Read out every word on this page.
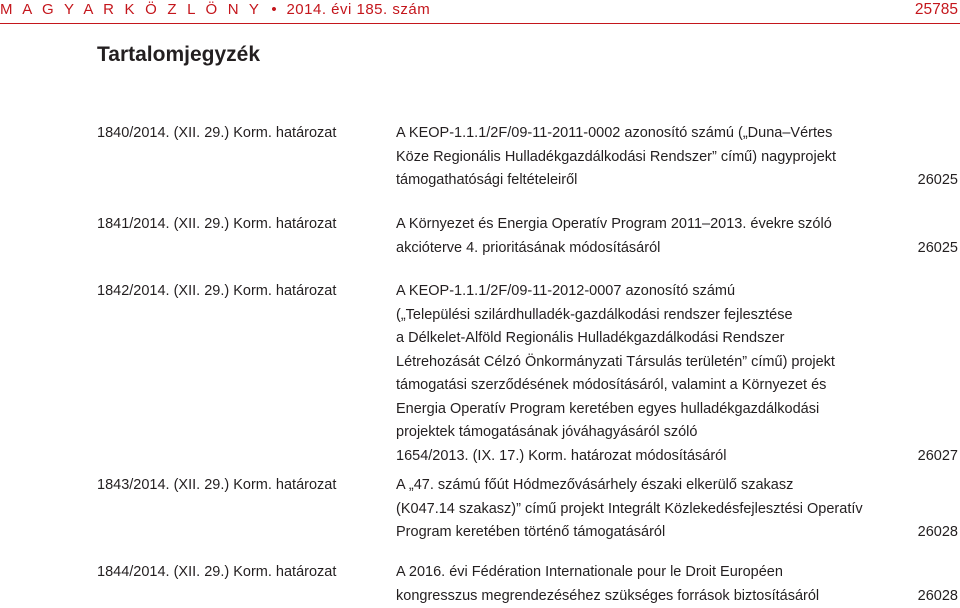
M A G Y A R K Ö Z L Ö N Y  •  2014. évi 185. szám	25785
Tartalomjegyzék
1840/2014. (XII. 29.) Korm. határozat	A KEOP-1.1.1/2F/09-11-2011-0002 azonosító számú („Duna–Vértes
Köze Regionális Hulladékgazdálkodási Rendszer” című) nagyprojekt
támogathatósági feltételeiről	26025
1841/2014. (XII. 29.) Korm. határozat	A Környezet és Energia Operatív Program 2011–2013. évekre szóló
akcióterve 4. prioritásának módosításáról	26025
1842/2014. (XII. 29.) Korm. határozat	A KEOP-1.1.1/2F/09-11-2012-0007 azonosító számú
(„Települési szilárdhulladék-gazdálkodási rendszer fejlesztése
a Délkelet-Alföld Regionális Hulladékgazdálkodási Rendszer
Létrehozását Célzó Önkormányzati Társulás területén” című) projekt
támogatási szerződésének módosításáról, valamint a Környezet és
Energia Operatív Program keretében egyes hulladékgazdálkodási
projektek támogatásának jóváhagyásáról szóló
1654/2013. (IX. 17.) Korm. határozat módosításáról	26027
1843/2014. (XII. 29.) Korm. határozat	A „47. számú főút Hódmezővásárhely északi elkerülő szakasz
(K047.14 szakasz)” című projekt Integrált Közlekedésfejlesztési Operatív
Program keretében történő támogatásáról	26028
1844/2014. (XII. 29.) Korm. határozat	A 2016. évi Fédération Internationale pour le Droit Européen
kongresszus megrendezéséhez szükséges források biztosításáról	26028
